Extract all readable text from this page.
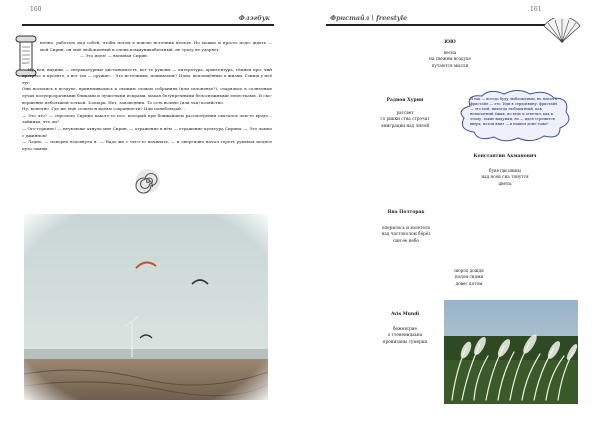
160
Флэгбук

нечно, работать над собой, чтобы потом в поиске источник нельзя. Но можно и просто подо- ждать — мой Сирин, он ещё любопытный и очень коммуникабельный, не сразу не ударяет.

— Это идея! — вызывая Сирин.

— ?

— Ну, вон, видишь — сверхкатурные дистанцевость, вот те рувоны — литература, архитектура, тёмная про- чий прогресс в проекте, а вот тех — оружие… Это источники, понимаешь? Идеи, воплощённые в жизни. Гениш у неё тут:

Они носились в воздухе, принюхивались к свежим словам собраниях (или склоненье?), озарялись в солнечных лучах полупрозрачными бликами и лучистыми искрами, махая безупречными белоснежными лепестками. И ско- вершенно небольшой точкой. Зоопарк. Нет, заповедник. То есть вольно (или так) хозяйство.

Ну, конечно. Где же ещё селиться идеям сохранности? Или понаблюдай…

— Это что? — спросила Сирина какого-то пса, который при ближайшем рассмотрении оказался чем-то вроде… чайника, что ли?

— Ого-горкино! — неуклюже ахнула мне Сирин, — отражение в нём — отражение культура Сирина. — Это лампа с джинном!

— Ладно, — покорно вздохнула я. — Надо же с чего-то начинать, — и энергично начал тереть рукавом медное пузо лампы.

161
Фристайл \ freestyle
ЮЮ
весна
на свежем воздухе
путаются мысли
Радион Хурин
рассвет
го рикки ства строчат
эмиграции над лилой
Я так — всегда буду любопытным, но попал в фристайл — это. Иди в сердцевину, фристайл — это мой, никогда любопытный, как ненасытный ёжик, но ведь и ответил, как к этому, такие выдумки, но — идея стремится вверх, потом вниз — в нашем доме тоже!
Константин Акманович
букетди шины
над ясен сна тянутся
цветы
Яна Полторак
оперилось и взлетело
над частоколом бёрёз
син ее небо
шорох дождя
полон снами
довес котом
Avis Mundi
бежевтрие
о ттененидаьна
пронизаны сумерки
